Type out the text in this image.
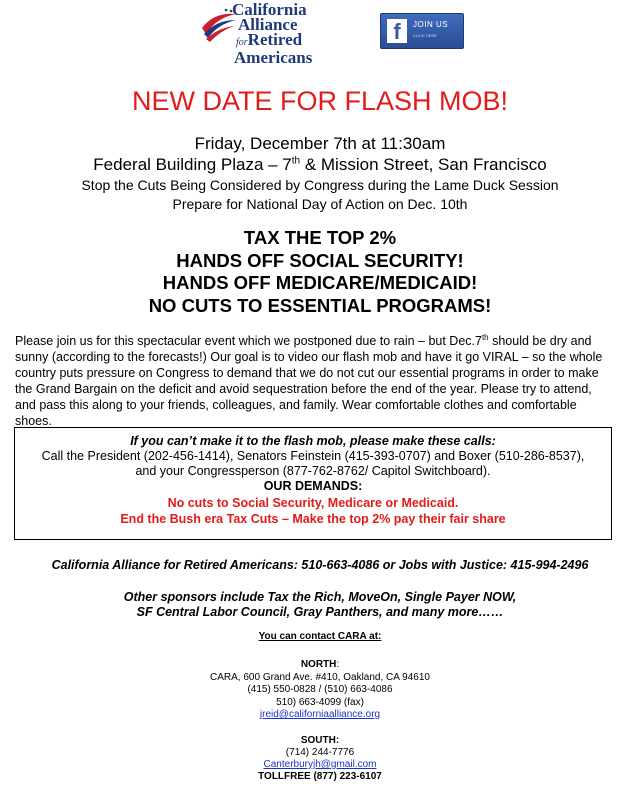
California
Alliance
forRetired
Americans
f	JOIN US
CLICK HERE
NEW DATE FOR FLASH MOB!
Friday, December 7th at 11:30am
Federal Building Plaza – 7th & Mission Street, San Francisco
Stop the Cuts Being Considered by Congress during the Lame Duck Session
Prepare for National Day of Action on Dec. 10th
TAX THE TOP 2%
HANDS OFF SOCIAL SECURITY!
HANDS OFF MEDICARE/MEDICAID!
NO CUTS TO ESSENTIAL PROGRAMS!

Please join us for this spectacular event which we postponed due to rain – but Dec.7th should be dry and sunny (according to the forecasts!) Our goal is to video our flash mob and have it go VIRAL – so the whole country puts pressure on Congress to demand that we do not cut our essential programs in order to make the Grand Bargain on the deficit and avoid sequestration before the end of the year. Please try to attend, and pass this along to your friends, colleagues, and family. Wear comfortable clothes and comfortable shoes.

If you can’t make it to the flash mob, please make these calls:
Call the President (202-456-1414), Senators Feinstein (415-393-0707) and Boxer (510-286-8537),
and your Congressperson (877-762-8762/ Capitol Switchboard).
OUR DEMANDS:
No cuts to Social Security, Medicare or Medicaid.
End the Bush era Tax Cuts – Make the top 2% pay their fair share
California Alliance for Retired Americans: 510-663-4086 or Jobs with Justice: 415-994-2496
Other sponsors include Tax the Rich, MoveOn, Single Payer NOW,
SF Central Labor Council, Gray Panthers, and many more……
You can contact CARA at:
NORTH:
CARA, 600 Grand Ave. #410, Oakland, CA 94610
(415) 550-0828 / (510) 663-4086
510) 663-4099 (fax)
jreid@californiaalliance.org
SOUTH:
(714) 244-7776
Canterburyjh@gmail.com
TOLLFREE (877) 223-6107
